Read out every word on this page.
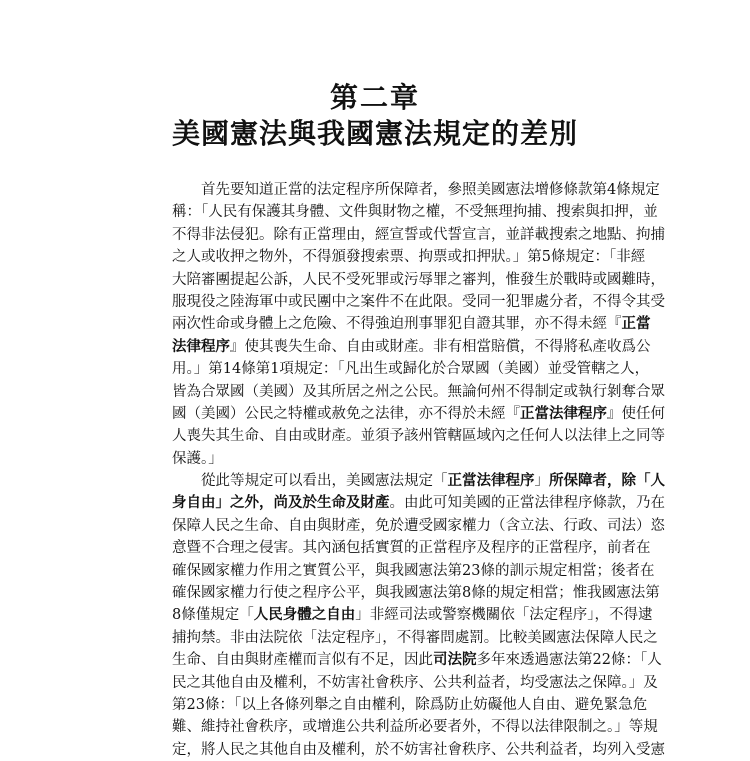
第二章
美國憲法與我國憲法規定的差別
首先要知道正當的法定程序所保障者，參照美國憲法增修條款第4條規定
稱：「人民有保護其身體、文件與財物之權，不受無理拘捕、搜索與扣押，並
不得非法侵犯。除有正當理由，經宣誓或代誓宣言，並詳載搜索之地點、拘捕
之人或收押之物外，不得頒發搜索票、拘票或扣押狀。」第5條規定：「非經
大陪審團提起公訴，人民不受死罪或污辱罪之審判，惟發生於戰時或國難時，
服現役之陸海軍中或民團中之案件不在此限。受同一犯罪處分者，不得令其受
兩次性命或身體上之危險、不得強迫刑事罪犯自證其罪，亦不得未經『正當
法律程序』使其喪失生命、自由或財產。非有相當賠償，不得將私產收爲公
用。」第14條第1項規定：「凡出生或歸化於合眾國（美國）並受管轄之人，
皆為合眾國（美國）及其所居之州之公民。無論何州不得制定或執行剝奪合眾
國（美國）公民之特權或赦免之法律，亦不得於未經『正當法律程序』使任何
人喪失其生命、自由或財產。並須予該州管轄區域內之任何人以法律上之同等
保護。」
從此等規定可以看出，美國憲法規定「正當法律程序」所保障者，除「人
身自由」之外，尚及於生命及財產。由此可知美國的正當法律程序條款，乃在
保障人民之生命、自由與財產，免於遭受國家權力（含立法、行政、司法）恣
意暨不合理之侵害。其內涵包括實質的正當程序及程序的正當程序，前者在
確保國家權力作用之實質公平，與我國憲法第23條的訓示規定相當；後者在
確保國家權力行使之程序公平，與我國憲法第8條的規定相當；惟我國憲法第
8條僅規定「人民身體之自由」非經司法或警察機關依「法定程序」，不得逮
捕拘禁。非由法院依「法定程序」，不得審問處罰。比較美國憲法保障人民之
生命、自由與財產權而言似有不足，因此司法院多年來透過憲法第22條：「人
民之其他自由及權利，不妨害社會秩序、公共利益者，均受憲法之保障。」及
第23條：「以上各條列舉之自由權利，除爲防止妨礙他人自由、避免緊急危
難、維持社會秩序，或增進公共利益所必要者外，不得以法律限制之。」等規
定，將人民之其他自由及權利，於不妨害社會秩序、公共利益者，均列入受憲
